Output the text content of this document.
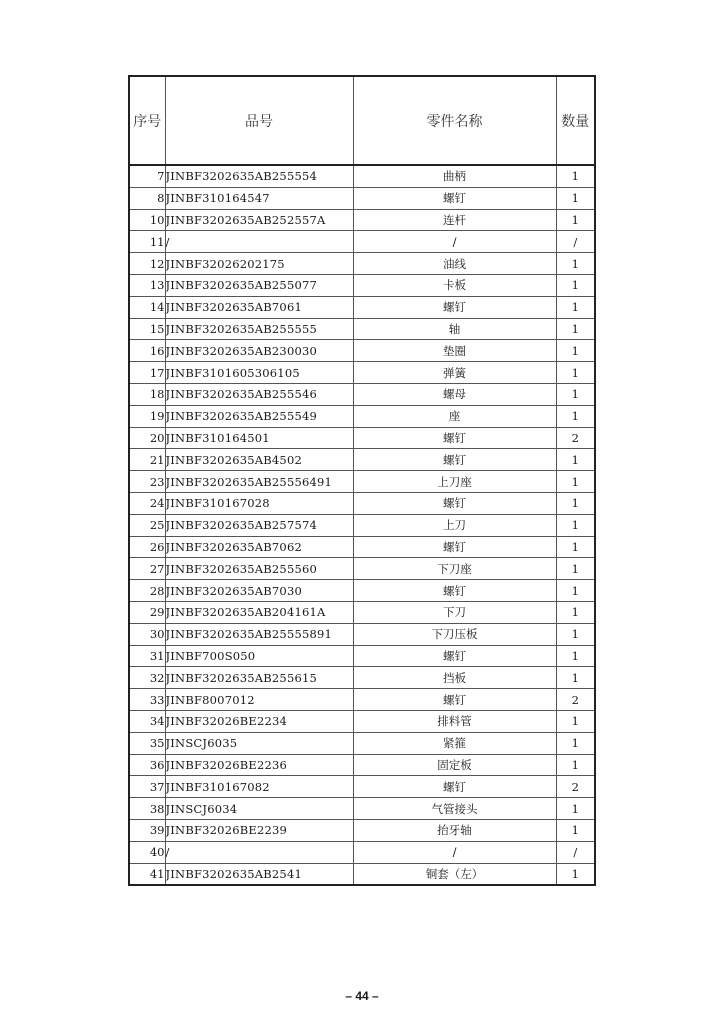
序号	品号	零件名称	数量
7	JINBF3202635AB255554	曲柄	1
8	JINBF310164547	螺钉	1
10	JINBF3202635AB252557A	连杆	1
11	/	/	/
12	JINBF32026202175	油线	1
13	JINBF3202635AB255077	卡板	1
14	JINBF3202635AB7061	螺钉	1
15	JINBF3202635AB255555	轴	1
16	JINBF3202635AB230030	垫圈	1
17	JINBF3101605306105	弹簧	1
18	JINBF3202635AB255546	螺母	1
19	JINBF3202635AB255549	座	1
20	JINBF310164501	螺钉	2
21	JINBF3202635AB4502	螺钉	1
23	JINBF3202635AB25556491	上刀座	1
24	JINBF310167028	螺钉	1
25	JINBF3202635AB257574	上刀	1
26	JINBF3202635AB7062	螺钉	1
27	JINBF3202635AB255560	下刀座	1
28	JINBF3202635AB7030	螺钉	1
29	JINBF3202635AB204161A	下刀	1
30	JINBF3202635AB25555891	下刀压板	1
31	JINBF700S050	螺钉	1
32	JINBF3202635AB255615	挡板	1
33	JINBF8007012	螺钉	2
34	JINBF32026BE2234	排料管	1
35	JINSCJ6035	紧箍	1
36	JINBF32026BE2236	固定板	1
37	JINBF310167082	螺钉	2
38	JINSCJ6034	气管接头	1
39	JINBF32026BE2239	抬牙轴	1
40	/	/	/
41	JINBF3202635AB2541	铜套（左）	1
– 44 –
